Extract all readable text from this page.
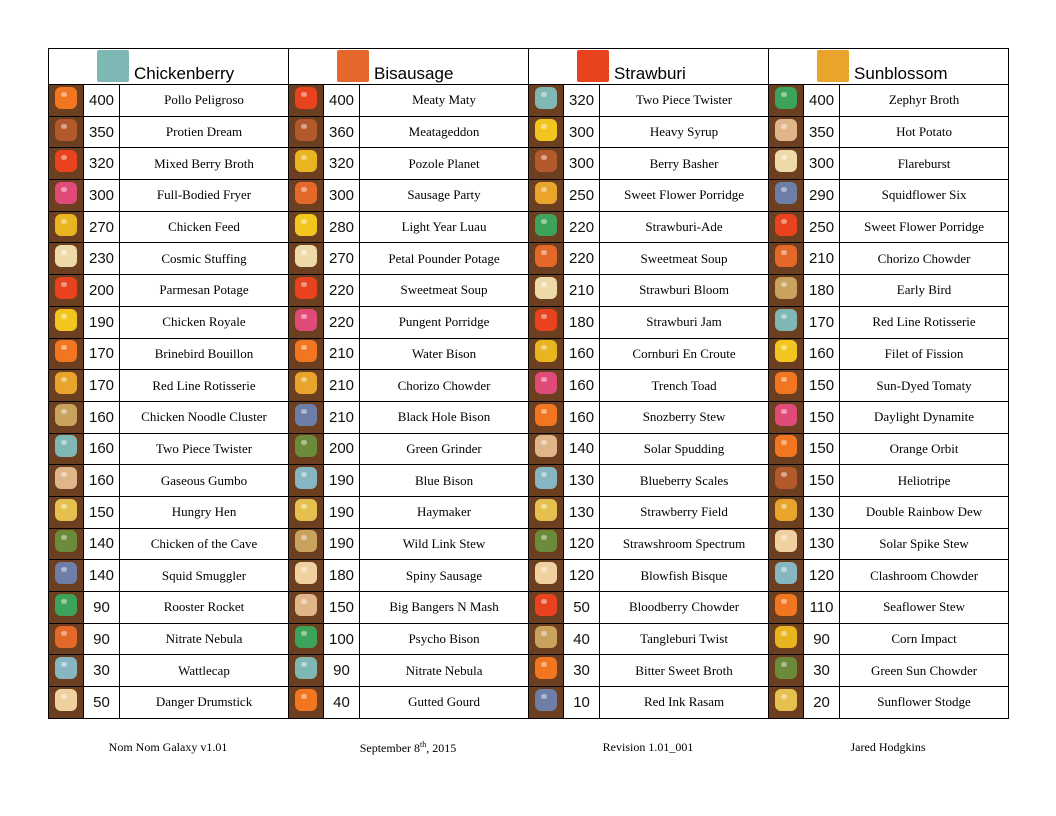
Chickenberry			Bisausage			Strawburi			Sunblossom		

	400	Pollo Peligroso		400	Meaty Maty		320	Two Piece Twister		400	Zephyr Broth
	350	Protien Dream		360	Meatageddon		300	Heavy Syrup		350	Hot Potato
	320	Mixed Berry Broth		320	Pozole Planet		300	Berry Basher		300	Flareburst
	300	Full-Bodied Fryer		300	Sausage Party		250	Sweet Flower Porridge		290	Squidflower Six
	270	Chicken Feed		280	Light Year Luau		220	Strawburi-Ade		250	Sweet Flower Porridge
	230	Cosmic Stuffing		270	Petal Pounder Potage		220	Sweetmeat Soup		210	Chorizo Chowder
	200	Parmesan Potage		220	Sweetmeat Soup		210	Strawburi Bloom		180	Early Bird
	190	Chicken Royale		220	Pungent Porridge		180	Strawburi Jam		170	Red Line Rotisserie
	170	Brinebird Bouillon		210	Water Bison		160	Cornburi En Croute		160	Filet of Fission
	170	Red Line Rotisserie		210	Chorizo Chowder		160	Trench Toad		150	Sun-Dyed Tomaty
	160	Chicken Noodle Cluster		210	Black Hole Bison		160	Snozberry Stew		150	Daylight Dynamite
	160	Two Piece Twister		200	Green Grinder		140	Solar Spudding		150	Orange Orbit
	160	Gaseous Gumbo		190	Blue Bison		130	Blueberry Scales		150	Heliotripe
	150	Hungry Hen		190	Haymaker		130	Strawberry Field		130	Double Rainbow Dew
	140	Chicken of the Cave		190	Wild Link Stew		120	Strawshroom Spectrum		130	Solar Spike Stew
	140	Squid Smuggler		180	Spiny Sausage		120	Blowfish Bisque		120	Clashroom Chowder
	90	Rooster Rocket		150	Big Bangers N Mash		50	Bloodberry Chowder		110	Seaflower Stew
	90	Nitrate Nebula		100	Psycho Bison		40	Tangleburi Twist		90	Corn Impact
	30	Wattlecap		90	Nitrate Nebula		30	Bitter Sweet Broth		30	Green Sun Chowder
	50	Danger Drumstick		40	Gutted Gourd		10	Red Ink Rasam		20	Sunflower Stodge
Nom Nom Galaxy v1.01	September 8th, 2015	Revision 1.01_001	Jared Hodgkins
